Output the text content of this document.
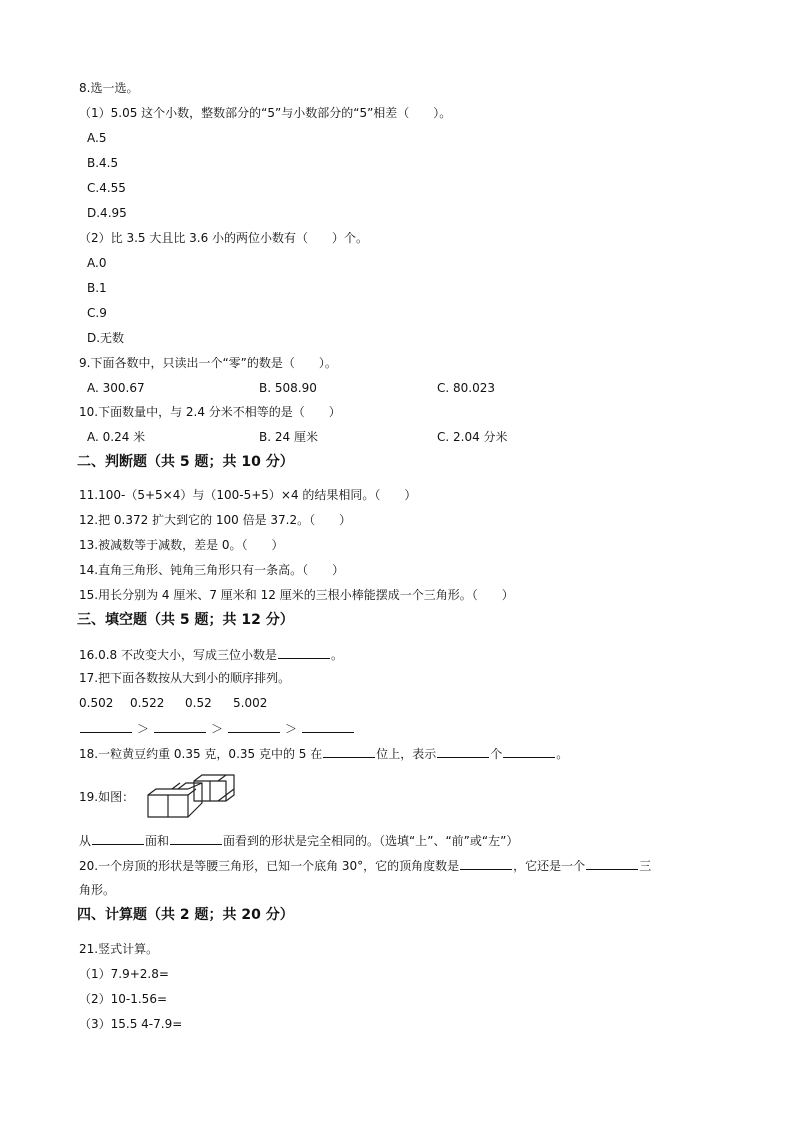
8.选一选。
（1）5.05 这个小数，整数部分的“5”与小数部分的“5”相差（　　）。
A.5
B.4.5
C.4.55
D.4.95
（2）比 3.5 大且比 3.6 小的两位小数有（　　）个。
A.0
B.1
C.9
D.无数
9.下面各数中，只读出一个“零”的数是（　　）。
A. 300.67	B. 508.90	C. 80.023
10.下面数量中，与 2.4 分米不相等的是（　　）
A. 0.24 米	B. 24 厘米	C. 2.04 分米
二、判断题（共 5 题；共 10 分）
11.100-（5+5×4）与（100-5+5）×4 的结果相同。（　　）
12.把 0.372 扩大到它的 100 倍是 37.2。（　　）
13.被减数等于减数，差是 0。（　　）
14.直角三角形、钝角三角形只有一条高。（　　）
15.用长分别为 4 厘米、7 厘米和 12 厘米的三根小棒能摆成一个三角形。（　　）
三、填空题（共 5 题；共 12 分）
16.0.8 不改变大小，写成三位小数是	。
17.把下面各数按从大到小的顺序排列。
0.502 0.522 0.52 5.002
＞	＞	＞
18.一粒黄豆约重 0.35 克，0.35 克中的 5 在	位上，表示	个	。
19.如图：
从	面和	面看到的形状是完全相同的。（选填“上”、“前”或“左”）
20.一个房顶的形状是等腰三角形，已知一个底角 30°，它的顶角度数是	，它还是一个	三
角形。
四、计算题（共 2 题；共 20 分）
21.竖式计算。
（1）7.9+2.8=
（2）10-1.56=
（3）15.5 4-7.9=
